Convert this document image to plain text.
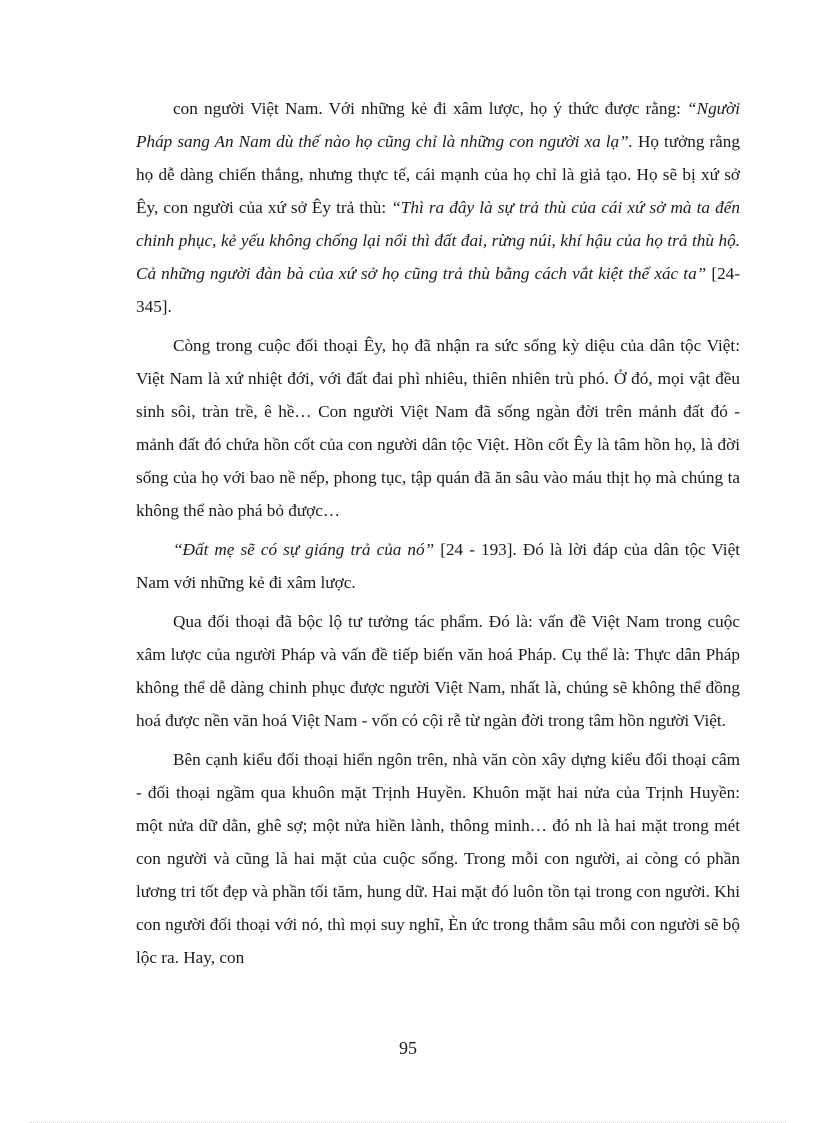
con người Việt Nam. Với những kẻ đi xâm lược, họ ý thức được rằng: “Người Pháp sang An Nam dù thế nào họ cũng chỉ là những con người xa lạ”. Họ tưởng rằng họ dễ dàng chiến thắng, nhưng thực tế, cái mạnh của họ chỉ là giả tạo. Họ sẽ bị xứ sở Êy, con người của xứ sở Êy trả thù: “Thì ra đây là sự trả thù của cái xứ sở mà ta đến chinh phục, kẻ yếu không chống lại nổi thì đất đai, rừng núi, khí hậu của họ trả thù hộ. Cả những người đàn bà của xứ sở họ cũng trả thù bằng cách vắt kiệt thể xác ta” [24-345].

Còng trong cuộc đối thoại Êy, họ đã nhận ra sức sống kỳ diệu của dân tộc Việt: Việt Nam là xứ nhiệt đới, với đất đai phì nhiêu, thiên nhiên trù phó. Ở đó, mọi vật đều sinh sôi, tràn trề, ê hề… Con người Việt Nam đã sống ngàn đời trên mảnh đất đó - mảnh đất đó chứa hồn cốt của con người dân tộc Việt. Hồn cốt Êy là tâm hồn họ, là đời sống của họ với bao nề nếp, phong tục, tập quán đã ăn sâu vào máu thịt họ mà chúng ta không thể nào phá bỏ được…

“Đất mẹ sẽ có sự giáng trả của nó” [24 - 193]. Đó là lời đáp của dân tộc Việt Nam với những kẻ đi xâm lược.

Qua đối thoại đã bộc lộ tư tưởng tác phẩm. Đó là: vấn đề Việt Nam trong cuộc xâm lược của người Pháp và vấn đề tiếp biến văn hoá Pháp. Cụ thể là: Thực dân Pháp không thể dễ dàng chinh phục được người Việt Nam, nhất là, chúng sẽ không thể đồng hoá được nền văn hoá Việt Nam - vốn có cội rễ từ ngàn đời trong tâm hồn người Việt.

Bên cạnh kiểu đối thoại hiển ngôn trên, nhà văn còn xây dựng kiểu đối thoại câm - đối thoại ngầm qua khuôn mặt Trịnh Huyền. Khuôn mặt hai nửa của Trịnh Huyền: một nửa dữ dằn, ghê sợ; một nửa hiền lành, thông minh… đó nh là hai mặt trong mét con người và cũng là hai mặt của cuộc sống. Trong mỗi con người, ai còng có phần lương tri tốt đẹp và phần tối tăm, hung dữ. Hai mặt đó luôn tồn tại trong con người. Khi con người đối thoại với nó, thì mọi suy nghĩ, Èn ức trong thẳm sâu mỗi con người sẽ bộ lộc ra. Hay, con

95
